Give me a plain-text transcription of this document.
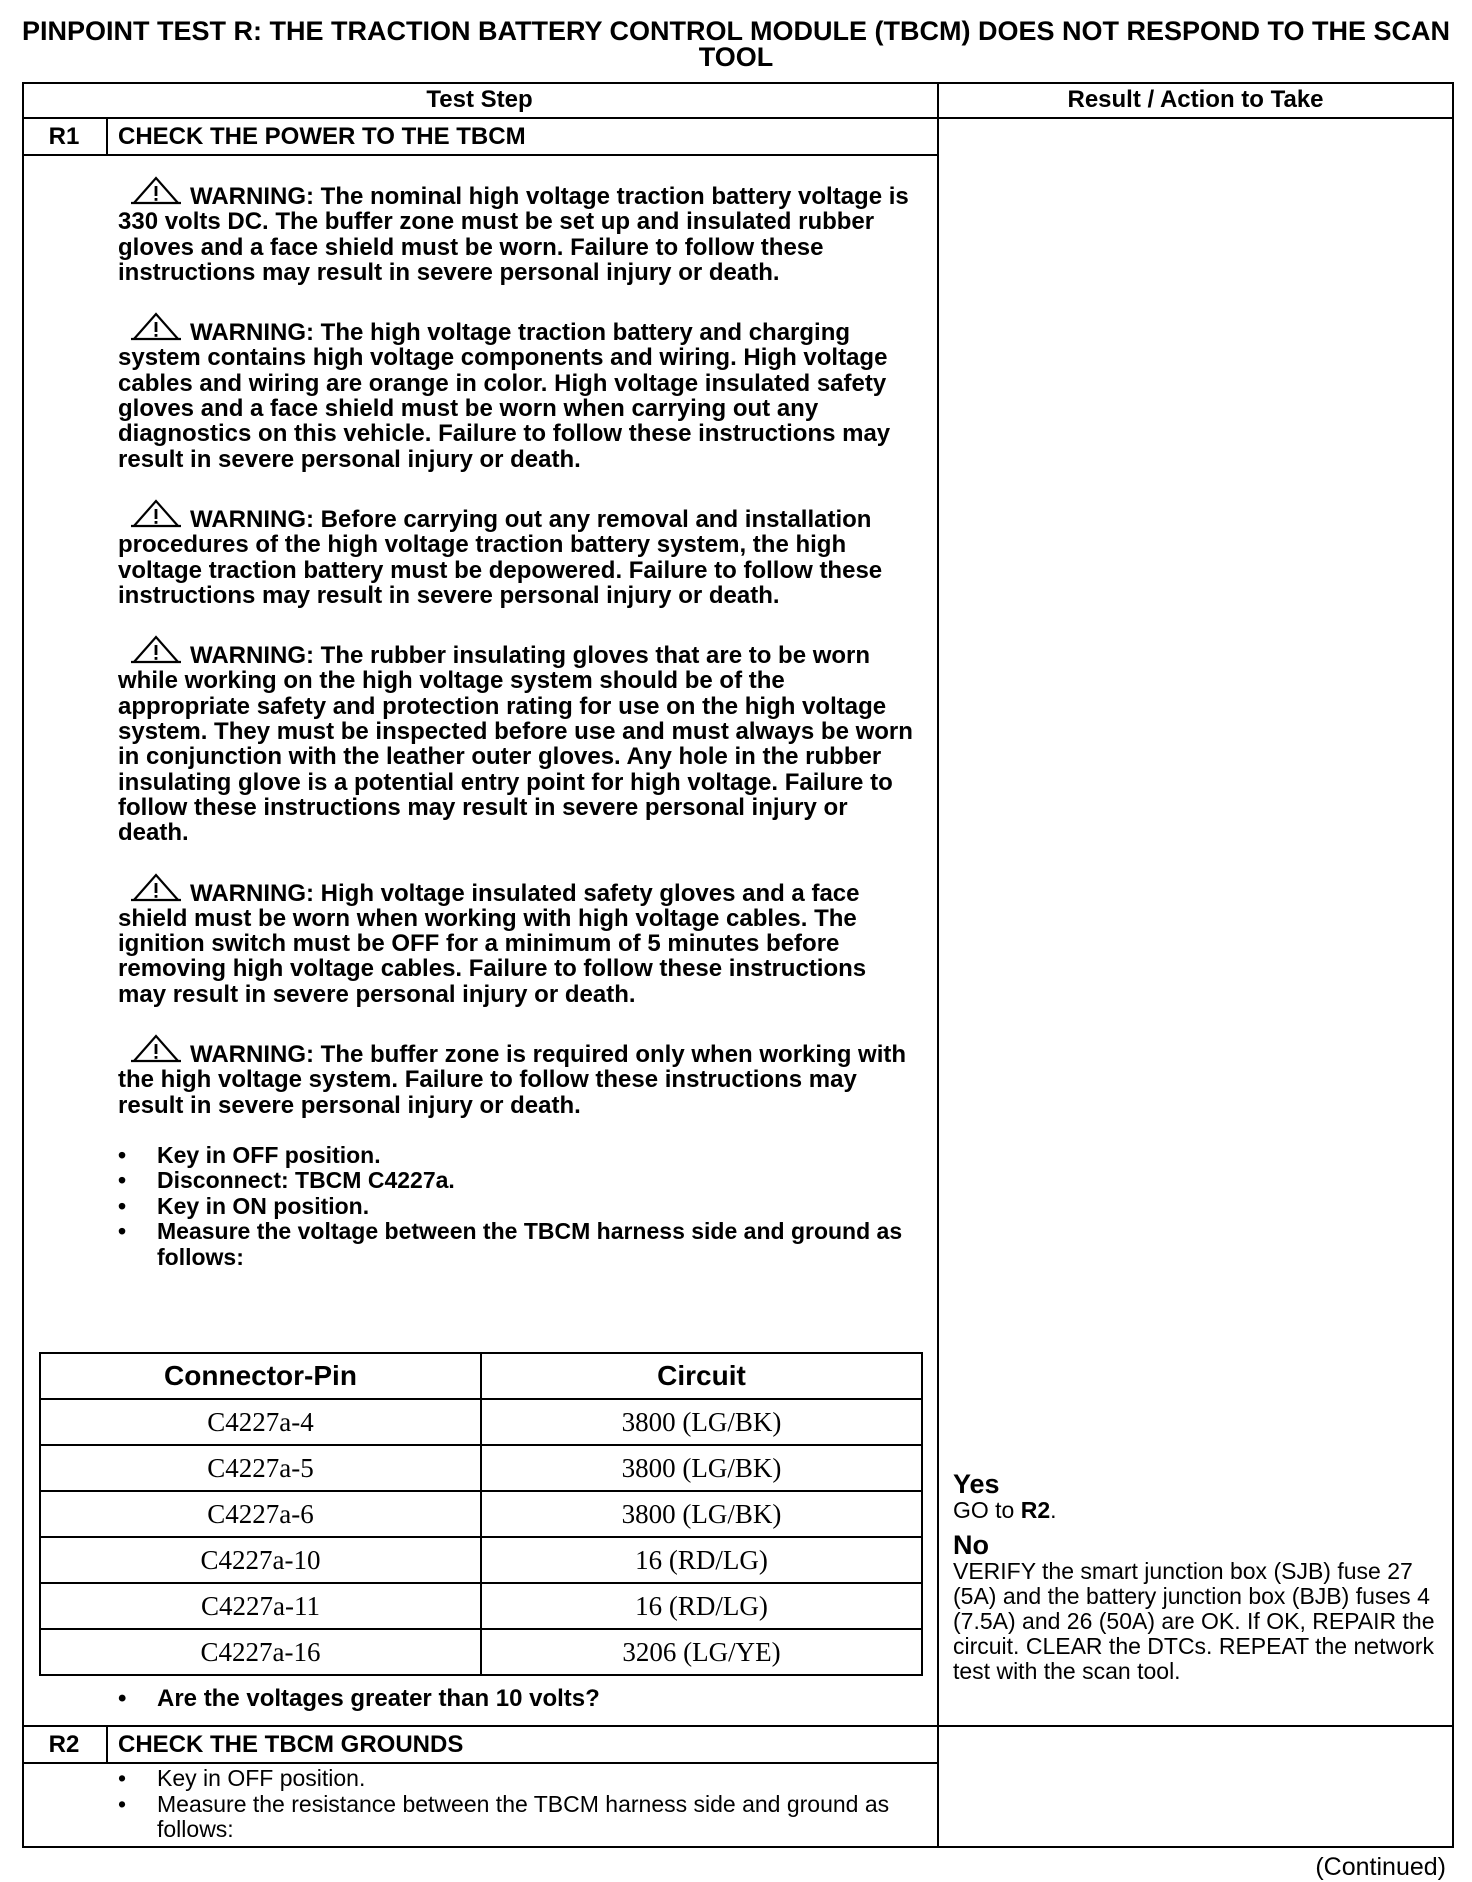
PINPOINT TEST R: THE TRACTION BATTERY CONTROL MODULE (TBCM) DOES NOT RESPOND TO THE SCAN TOOL
Test Step	Result / Action to Take
R1	CHECK THE POWER TO THE TBCM

WARNING: The nominal high voltage traction battery voltage is 330 volts DC. The buffer zone must be set up and insulated rubber gloves and a face shield must be worn. Failure to follow these instructions may result in severe personal injury or death.

WARNING: The high voltage traction battery and charging system contains high voltage components and wiring. High voltage cables and wiring are orange in color. High voltage insulated safety gloves and a face shield must be worn when carrying out any diagnostics on this vehicle. Failure to follow these instructions may result in severe personal injury or death.

WARNING: Before carrying out any removal and installation procedures of the high voltage traction battery system, the high voltage traction battery must be depowered. Failure to follow these instructions may result in severe personal injury or death.

WARNING: The rubber insulating gloves that are to be worn while working on the high voltage system should be of the appropriate safety and protection rating for use on the high voltage system. They must be inspected before use and must always be worn in conjunction with the leather outer gloves. Any hole in the rubber insulating glove is a potential entry point for high voltage. Failure to follow these instructions may result in severe personal injury or death.

WARNING: High voltage insulated safety gloves and a face shield must be worn when working with high voltage cables. The ignition switch must be OFF for a minimum of 5 minutes before removing high voltage cables. Failure to follow these instructions may result in severe personal injury or death.

WARNING: The buffer zone is required only when working with the high voltage system. Failure to follow these instructions may result in severe personal injury or death.

• Key in OFF position.
• Disconnect: TBCM C4227a.
• Key in ON position.
• Measure the voltage between the TBCM harness side and ground as follows:
Connector-Pin	Circuit
C4227a-4	3800 (LG/BK)
C4227a-5	3800 (LG/BK)
C4227a-6	3800 (LG/BK)
C4227a-10	16 (RD/LG)
C4227a-11	16 (RD/LG)
C4227a-16	3206 (LG/YE)
• Are the voltages greater than 10 volts?
Yes
GO to R2.
No
VERIFY the smart junction box (SJB) fuse 27 (5A) and the battery junction box (BJB) fuses 4 (7.5A) and 26 (50A) are OK. If OK, REPAIR the circuit. CLEAR the DTCs. REPEAT the network test with the scan tool.
R2	CHECK THE TBCM GROUNDS
• Key in OFF position.
• Measure the resistance between the TBCM harness side and ground as follows:
(Continued)
